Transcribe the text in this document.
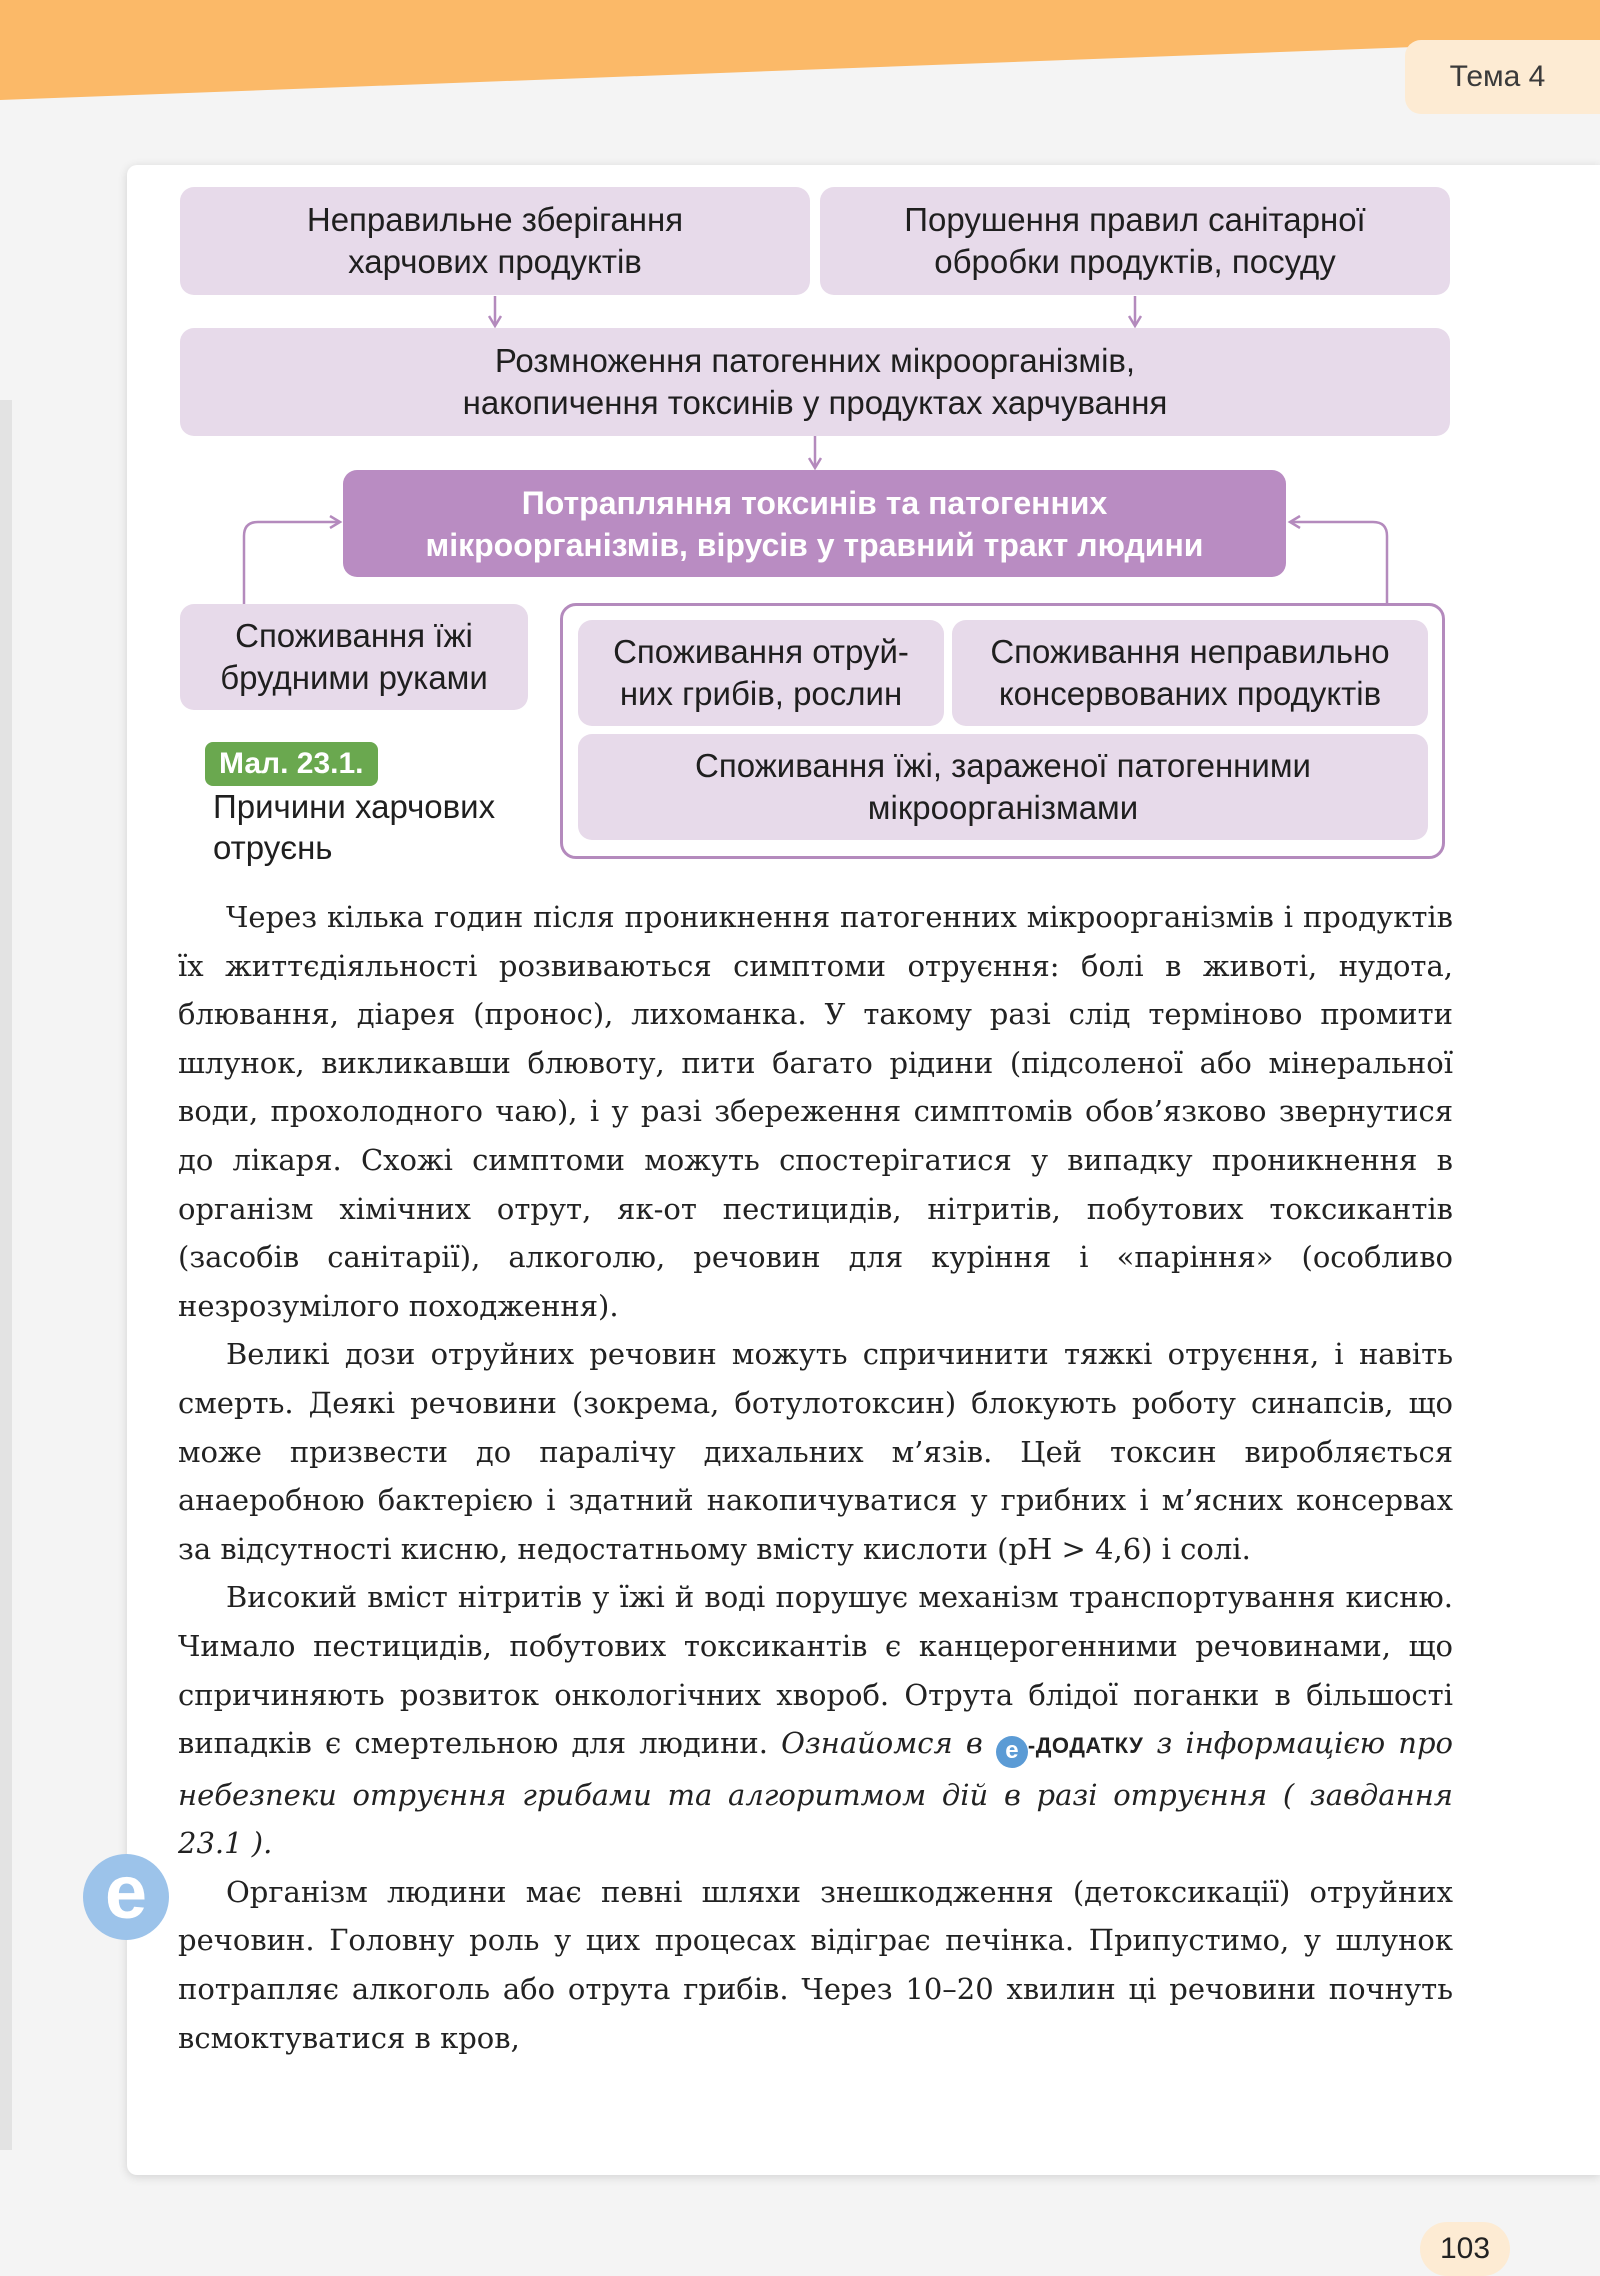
Тема 4
Неправильне зберігання
харчових продуктів
Порушення правил санітарної
обробки продуктів, посуду
Розмноження патогенних мікроорганізмів,
накопичення токсинів у продуктах харчування
Потрапляння токсинів та патогенних
мікроорганізмів, вірусів у травний тракт людини
Споживання їжі
брудними руками
Споживання отруй-
них грибів, рослин
Споживання неправильно
консервованих продуктів
Споживання їжі, зараженої патогенними
мікроорганізмами
Мал. 23.1.
Причини харчових отруєнь

Через кілька годин після проникнення патогенних мікроорганізмів і продуктів їх життєдіяльності розвиваються симптоми отруєння: болі в животі, нудота, блювання, діарея (пронос), лихоманка. У такому разі слід терміново промити шлунок, викликавши блювоту, пити багато рідини (підсоленої або мінеральної води, прохолодного чаю), і у разі збереження симптомів обов’язково звернутися до лікаря. Схожі симптоми можуть спостерігатися у випадку проникнення в організм хімічних отрут, як-от пестицидів, нітритів, побутових токсикантів (засобів санітарії), алкоголю, речовин для куріння і «паріння» (особливо незрозумілого походження).

Великі дози отруйних речовин можуть спричинити тяжкі отруєння, і навіть смерть. Деякі речовини (зокрема, ботулотоксин) блокують роботу синапсів, що може призвести до паралічу дихальних м’язів. Цей токсин виробляється анаеробною бактерією і здатний накопичуватися у грибних і м’ясних консервах за відсутності кисню, недостатньому вмісту кислоти (pH > 4,6) і солі.

Високий вміст нітритів у їжі й воді порушує механізм транспортування кисню. Чимало пестицидів, побутових токсикантів є канцерогенними речовинами, що спричиняють розвиток онкологічних хвороб. Отрута блідої поганки в більшості випадків є смертельною для людини. Ознайомся в е -ДОДАТКУ з інформацією про небезпеки отруєння грибами та алгоритмом дій в разі отруєння ( завдання 23.1 ).

Організм людини має певні шляхи знешкодження (детоксикації) отруйних речовин. Головну роль у цих процесах відіграє печінка. Припустимо, у шлунок потрапляє алкоголь або отрута грибів. Через 10–20 хвилин ці речовини почнуть всмоктуватися в кров,

е
103
